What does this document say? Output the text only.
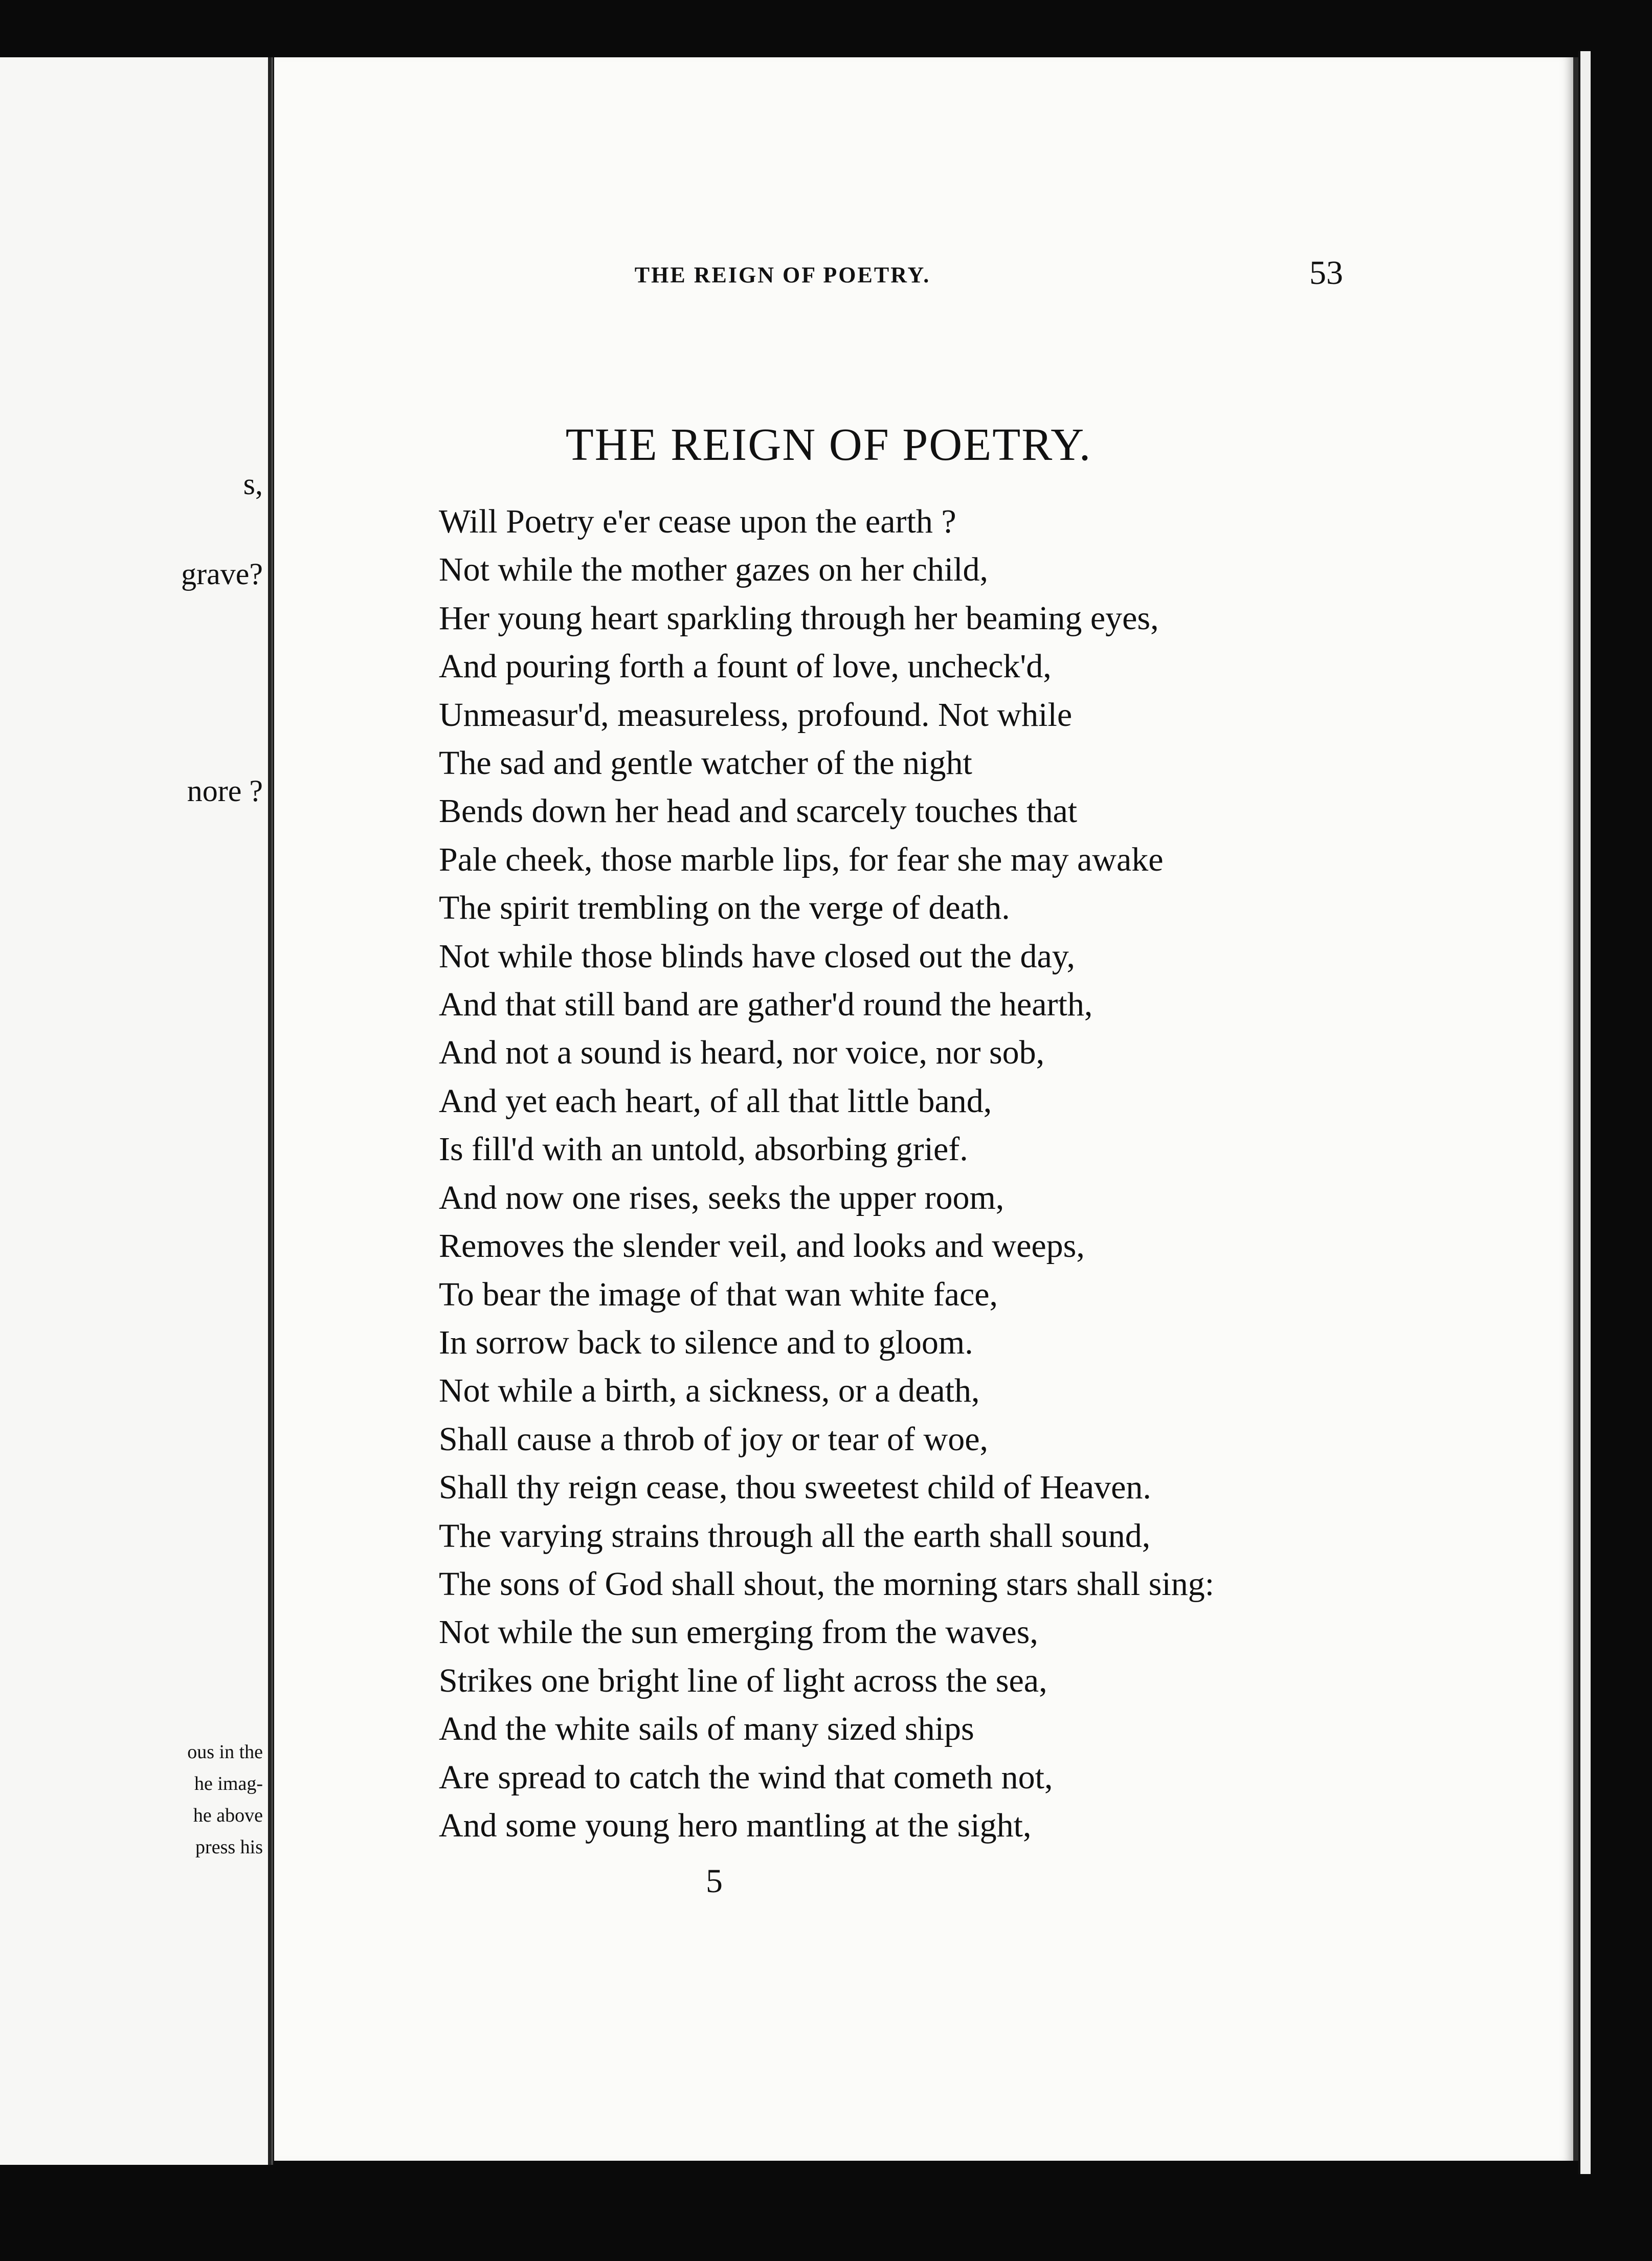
s,
grave?
nore ?
ous in the
he imag-
he above
press his
THE REIGN OF POETRY.	53
THE REIGN OF POETRY.
Will Poetry e'er cease upon the earth ?
Not while the mother gazes on her child,
Her young heart sparkling through her beaming eyes,
And pouring forth a fount of love, uncheck'd,
Unmeasur'd, measureless, profound. Not while
The sad and gentle watcher of the night
Bends down her head and scarcely touches that
Pale cheek, those marble lips, for fear she may awake
The spirit trembling on the verge of death.
Not while those blinds have closed out the day,
And that still band are gather'd round the hearth,
And not a sound is heard, nor voice, nor sob,
And yet each heart, of all that little band,
Is fill'd with an untold, absorbing grief.
And now one rises, seeks the upper room,
Removes the slender veil, and looks and weeps,
To bear the image of that wan white face,
In sorrow back to silence and to gloom.
Not while a birth, a sickness, or a death,
Shall cause a throb of joy or tear of woe,
Shall thy reign cease, thou sweetest child of Heaven.
The varying strains through all the earth shall sound,
The sons of God shall shout, the morning stars shall sing:
Not while the sun emerging from the waves,
Strikes one bright line of light across the sea,
And the white sails of many sized ships
Are spread to catch the wind that cometh not,
And some young hero mantling at the sight,
5
